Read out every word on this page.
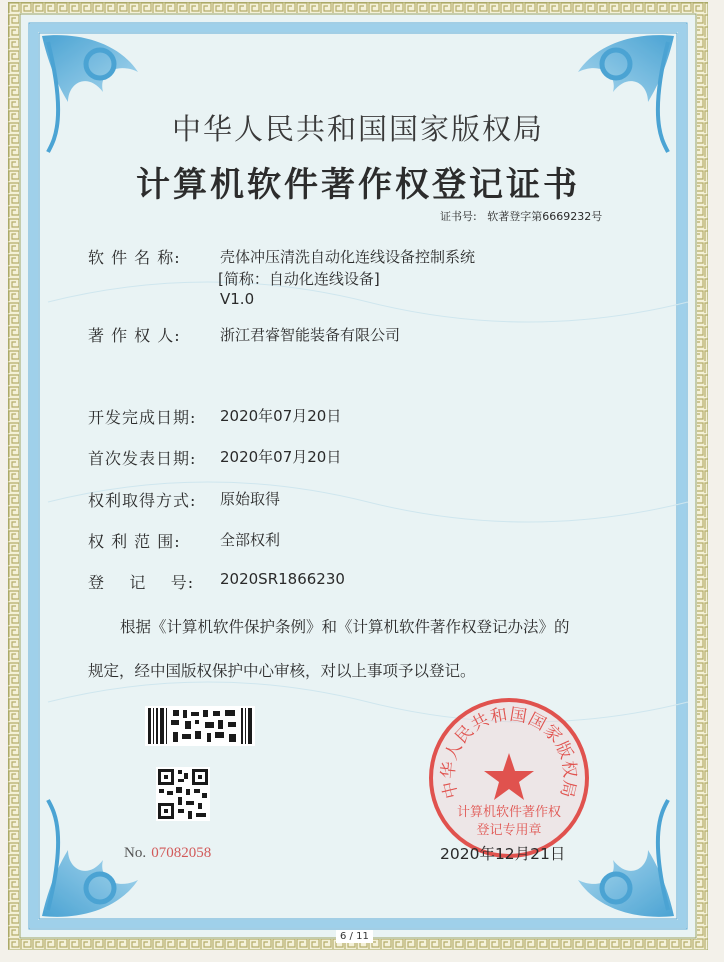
中华人民共和国国家版权局
计算机软件著作权登记证书
证书号: 软著登字第6669232号
软 件 名 称:	壳体冲压清洗自动化连线设备控制系统
[简称：自动化连线设备]
V1.0
著 作 权 人:	浙江君睿智能装备有限公司
开发完成日期: 2020年07月20日
首次发表日期: 2020年07月20日
权利取得方式: 原始取得
权 利 范 围:	全部权利
登    记    号: 2020SR1866230
根据《计算机软件保护条例》和《计算机软件著作权登记办法》的
规定，经中国版权保护中心审核，对以上事项予以登记。
No. 07082058
中华人民共和国国家版权局
计算机软件著作权
登记专用章
2020年12月21日
6 / 11
